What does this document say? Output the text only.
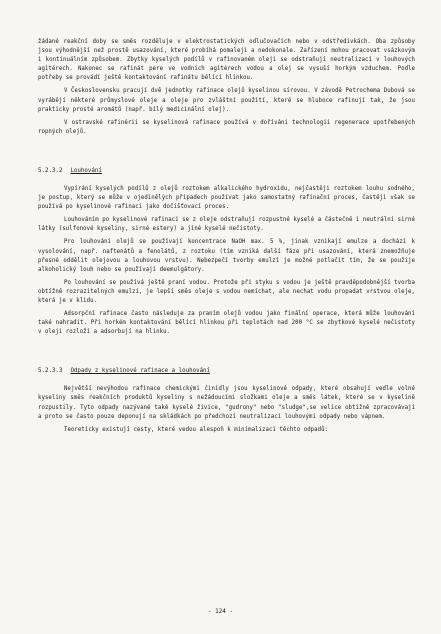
žádané reakční doby se směs rozděluje v elektrostatických odlučovačích nebo v odstředivkách. Oba způsoby jsou výhodnější než prostě usazování, které probíhá pomaleji a nedokonale. Zařízení mohou pracovat vsázkovým i kontinuálním způsobem. Zbytky kyselých podílů v rafinovaném oleji se odstraňují neutralizací v louhových agitérech. Nakonec se rafinát pere ve vodních agitérech vodou a olej se vysuší horkým vzduchem. Podle potřeby se provádí ještě kontaktování rafinátu bělící hlinkou.

V Československu pracují dvě jednotky rafinace olejů kyselinou sírovou. V závodě Petrochema Dubová se vyrábějí některé průmyslové oleje a oleje pro zvláštní použití, které se hlubocе rafinují tak, že jsou prakticky prosté aromátů (např. bílý medicinální olej).

V ostravské rafinérii se kyselinová rafinace používá v doříváni technologii regenerace upotřebených ropných olejů.

5.2.3.2 Louhování

Vypírání kyselých podílů z olejů roztokem alkalického hydroxidu, nejčastěji roztokem louhu sodného, je postup, který se může v ojedinělých případech používat jako samostatný rafinační proces, častěji však se používá po kyselinové rafinaci jako dočišťovací proces.

Louhováním po kyselinové rafinaci se z oleje odstraňují rozpustné kyselé a částečně i neutrální sirné látky (sulfonové kyseliny, sirné estery) a jiné kyselé nečistoty.

Pro louhování olejů se používají koncentrace NaOH max. 5 %, jinak vznikají emulze a dochází k vysolování, např. naftenátů a fenolátů, z roztoku (tím vzniká další fáze při usazování, která znemožňuje přesné oddělit olejovou a louhovou vrstvu). Nebezpečí tvorby emulzí je možné potlačit tím, že se použije alkoholický louh nebo se používají deemulgátory.

Po louhování se používá ještě praní vodou. Protože při styku s vodou je ještě pravděpodobnější tvorba obtížně rozrazitelných emulzí, je lepší směs oleje s vodou nemíchat, ale nechat vodu propadat vrstvou oleje, která je v klidu.

Adsorpční rafinace často následuje za praním olejů vodou jako finální operace, která může louhování také nahradit. Při horkém kontaktování bělící hlinkou při teplotách nad 200 °C se zbytkové kyselé nečistoty v oleji rozloží a adsorbují na hlinku.

5.2.3.3 Odpady z kyselinové rafinace a louhování

Největší nevýhodou rafinace chemickými činidly jsou kyselinové odpady, které obsahují vedle volné kyseliny směs reakčních produktů kyseliny s nežádoucími složkami oleje a směs látek, které se v kyselině rozpustily. Tyto odpady nazývané také kyselé živice, "gudrony" nebo "sludge",se velice obtížně zpracovávají a proto se často pouze deponují na skládkách po předchozí neutralizaci louhovými odpady nebo vápnem.

Teoreticky existují cesty, které vedou alespoň k minimalizaci těchto odpadů:

- 124 -
